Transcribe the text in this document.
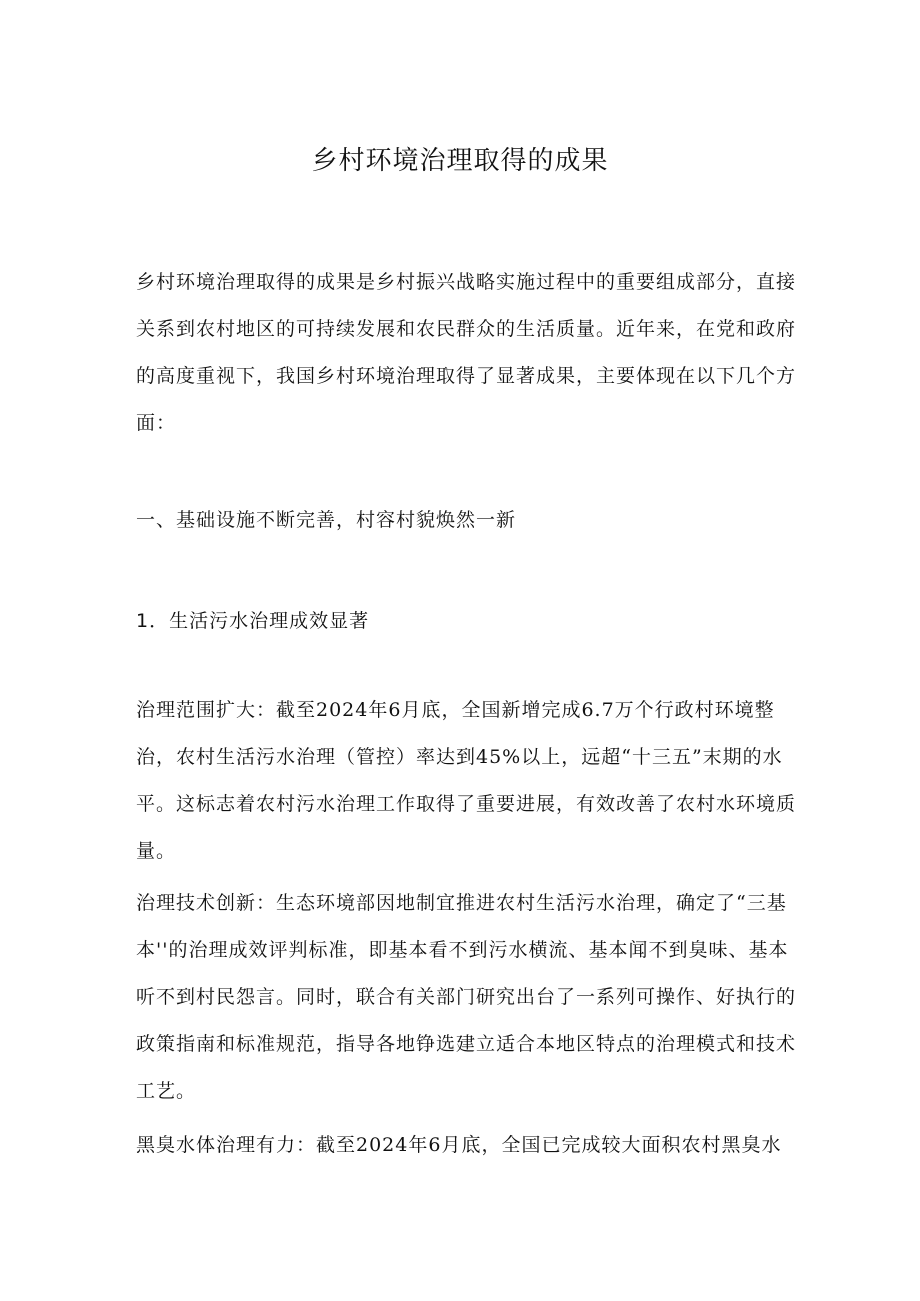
乡村环境治理取得的成果

乡村环境治理取得的成果是乡村振兴战略实施过程中的重要组成部分，直接关系到农村地区的可持续发展和农民群众的生活质量。近年来，在党和政府的高度重视下，我国乡村环境治理取得了显著成果，主要体现在以下几个方面：

一、基础设施不断完善，村容村貌焕然一新

1．生活污水治理成效显著

治理范围扩大：截至2024年6月底，全国新增完成6.7万个行政村环境整治，农村生活污水治理（管控）率达到45%以上，远超“十三五”末期的水平。这标志着农村污水治理工作取得了重要进展，有效改善了农村水环境质量。

治理技术创新：生态环境部因地制宜推进农村生活污水治理，确定了“三基本''的治理成效评判标准，即基本看不到污水横流、基本闻不到臭味、基本听不到村民怨言。同时，联合有关部门研究出台了一系列可操作、好执行的政策指南和标准规范，指导各地铮选建立适合本地区特点的治理模式和技术工艺。

黑臭水体治理有力：截至2024年6月底，全国已完成较大面积农村黑臭水
